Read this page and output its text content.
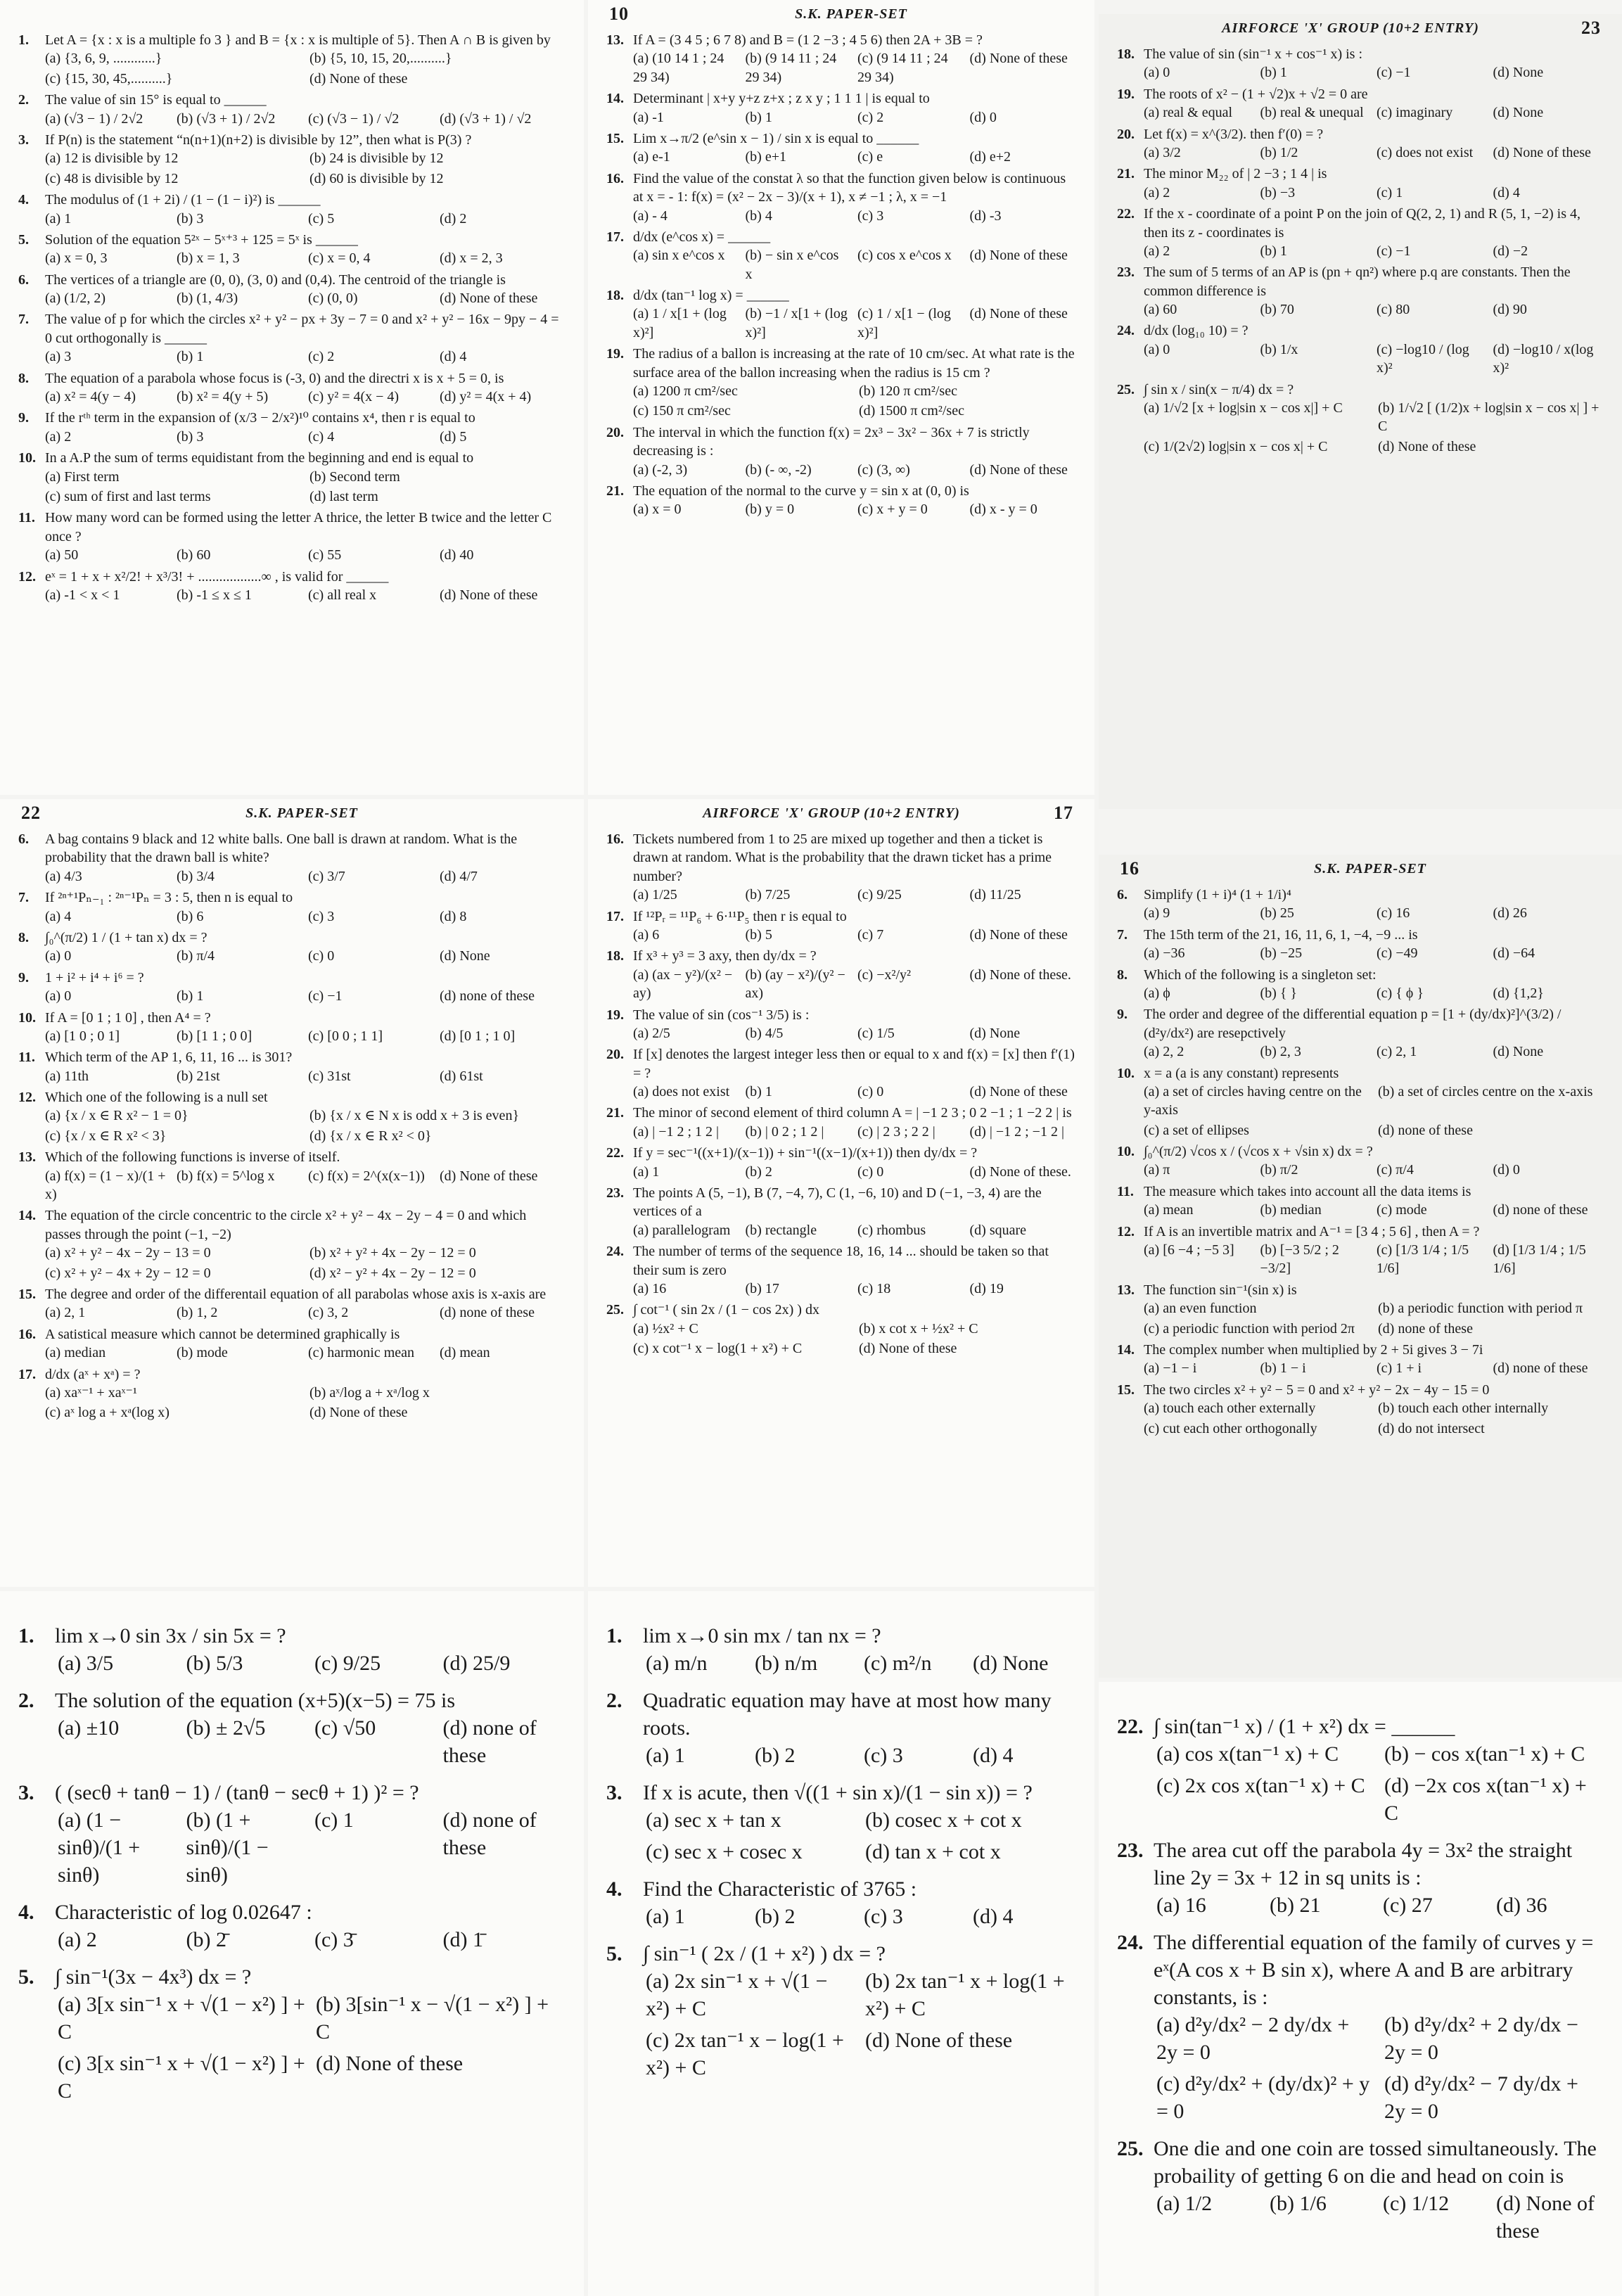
1.	Let A = {x : x is a multiple fo 3 } and B = {x : x is multiple of 5}. Then A ∩ B is given by
(a) {3, 6, 9, ............}	(b) {5, 10, 15, 20,..........}
(c) {15, 30, 45,..........}	(d) None of these
2.	The value of sin 15° is equal to ______
(a) (√3 − 1) / 2√2	(b) (√3 + 1) / 2√2	(c) (√3 − 1) / √2	(d) (√3 + 1) / √2
3.	If P(n) is the statement “n(n+1)(n+2) is divisible by 12”, then what is P(3) ?
(a) 12 is divisible by 12	(b) 24 is divisible by 12
(c) 48 is divisible by 12	(d) 60 is divisible by 12
4.	The modulus of (1 + 2i) / (1 − (1 − i)²) is ______
(a) 1	(b) 3	(c) 5	(d) 2
5.	Solution of the equation 5²ˣ − 5ˣ⁺³ + 125 = 5ˣ is ______
(a) x = 0, 3	(b) x = 1, 3	(c) x = 0, 4	(d) x = 2, 3
6.	The vertices of a triangle are (0, 0), (3, 0) and (0,4). The centroid of the triangle is
(a) (1/2, 2)	(b) (1, 4/3)	(c) (0, 0)	(d) None of these
7.	The value of p for which the circles x² + y² − px + 3y − 7 = 0 and x² + y² − 16x − 9py − 4 = 0 cut orthogonally is ______
(a) 3	(b) 1	(c) 2	(d) 4
8.	The equation of a parabola whose focus is (-3, 0) and the directri x is x + 5 = 0, is
(a) x² = 4(y − 4)	(b) x² = 4(y + 5)	(c) y² = 4(x − 4)	(d) y² = 4(x + 4)
9.	If the rᵗʰ term in the expansion of (x/3 − 2/x²)¹⁰ contains x⁴, then r is equal to
(a) 2	(b) 3	(c) 4	(d) 5
10. In a A.P the sum of terms equidistant from the beginning and end is equal to
(a) First term	(b) Second term
(c) sum of first and last terms	(d) last term
11. How many word can be formed using the letter A thrice, the letter B twice and the letter C once ?
(a) 50	(b) 60	(c) 55	(d) 40
12. eˣ = 1 + x + x²/2! + x³/3! + ..................∞ , is valid for ______
(a) -1 < x < 1	(b) -1 ≤ x ≤ 1	(c) all real x	(d) None of these
10	S.K. PAPER-SET
13. If A = (3 4 5 ; 6 7 8) and B = (1 2 −3 ; 4 5 6) then 2A + 3B = ?
(a) (10 14 1 ; 24 29 34)
(b) (9 14 11 ; 24 29 34)
(c) (9 14 11 ; 24 29 34)
(d) None of these
14. Determinant | x+y y+z z+x ; z x y ; 1 1 1 | is equal to
(a) -1	(b) 1	(c) 2	(d) 0
15. Lim x→π/2 (e^sin x − 1) / sin x is equal to ______
(a) e-1	(b) e+1	(c) e	(d) e+2
16. Find the value of the constat λ so that the function given below is continuous at x = - 1: f(x) = (x² − 2x − 3)/(x + 1), x ≠ −1 ; λ, x = −1
(a) - 4	(b) 4	(c) 3	(d) -3
17. d/dx (e^cos x) = ______
(a) sin x e^cos x	(b) − sin x e^cos x
(c) cos x e^cos x	(d) None of these
18. d/dx (tan⁻¹ log x) = ______
(a) 1 / x[1 + (log x)²]
(b) −1 / x[1 + (log x)²]
(c) 1 / x[1 − (log x)²]
(d) None of these
19. The radius of a ballon is increasing at the rate of 10 cm/sec. At what rate is the surface area of the ballon increasing when the radius is 15 cm ?
(a) 1200 π cm²/sec	(b) 120 π cm²/sec
(c) 150 π cm²/sec	(d) 1500 π cm²/sec
20. The interval in which the function f(x) = 2x³ − 3x² − 36x + 7 is strictly decreasing is :
(a) (-2, 3)	(b) (- ∞, -2)	(c) (3, ∞)	(d) None of these
21. The equation of the normal to the curve y = sin x at (0, 0) is
(a) x = 0	(b) y = 0	(c) x + y = 0	(d) x - y = 0
AIRFORCE 'X' GROUP (10+2 ENTRY)	23
18. The value of sin (sin⁻¹ x + cos⁻¹ x) is :
(a) 0	(b) 1	(c) −1	(d) None
19. The roots of x² − (1 + √2)x + √2 = 0 are
(a) real & equal	(b) real & unequal (c) imaginary	(d) None
20. Let f(x) = x^(3/2). then f′(0) = ?
(a) 3/2	(b) 1/2	(c) does not exist	(d) None of these
21. The minor M₂₂ of | 2 −3 ; 1 4 | is
(a) 2	(b) −3	(c) 1	(d) 4
22. If the x - coordinate of a point P on the join of Q(2, 2, 1) and R (5, 1, −2) is 4, then its z - coordinates is
(a) 2	(b) 1	(c) −1	(d) −2
23. The sum of 5 terms of an AP is (pn + qn²) where p.q are constants. Then the common difference is
(a) 60	(b) 70	(c) 80	(d) 90
24. d/dx (log₁₀ 10) = ?
(a) 0	(b) 1/x	(c) −log10 / (log x)²
(d) −log10 / x(log x)²
25. ∫ sin x / sin(x − π/4) dx = ?
(a) 1/√2 [x + log|sin x − cos x|] + C	(b) 1/√2 [ (1/2)x + log|sin x − cos x| ] + C
(c) 1/(2√2) log|sin x − cos x| + C	(d) None of these
22	S.K. PAPER-SET
6.	A bag contains 9 black and 12 white balls. One ball is drawn at random. What is the probability that the drawn ball is white?
(a) 4/3	(b) 3/4	(c) 3/7	(d) 4/7
7.	If ²ⁿ⁺¹Pₙ₋₁ : ²ⁿ⁻¹Pₙ = 3 : 5, then n is equal to
(a) 4	(b) 6	(c) 3	(d) 8
8.	∫₀^(π/2) 1 / (1 + tan x) dx = ?
(a) 0	(b) π/4	(c) 0	(d) None
9.	1 + i² + i⁴ + i⁶ = ?
(a) 0	(b) 1	(c) −1	(d) none of these
10. If A = [0 1 ; 1 0] , then A⁴ = ?
(a) [1 0 ; 0 1]	(b) [1 1 ; 0 0]	(c) [0 0 ; 1 1]	(d) [0 1 ; 1 0]
11. Which term of the AP 1, 6, 11, 16 ... is 301?
(a) 11th	(b) 21st	(c) 31st	(d) 61st
12. Which one of the following is a null set
(a) {x / x ∈ R x² − 1 = 0}	(b) {x / x ∈ N x is odd x + 3 is even}
(c) {x / x ∈ R x² < 3}	(d) {x / x ∈ R x² < 0}
13. Which of the following functions is inverse of itself.
(a) f(x) = (1 − x)/(1 + x)
(b) f(x) = 5^log x	(c) f(x) = 2^(x(x−1))	(d) None of these
14. The equation of the circle concentric to the circle x² + y² − 4x − 2y − 4 = 0 and which passes through the point (−1, −2)
(a) x² + y² − 4x − 2y − 13 = 0	(b) x² + y² + 4x − 2y − 12 = 0
(c) x² + y² − 4x + 2y − 12 = 0	(d) x² − y² + 4x − 2y − 12 = 0
15. The degree and order of the differentail equation of all parabolas whose axis is x-axis are
(a) 2, 1	(b) 1, 2	(c) 3, 2	(d) none of these
16. A satistical measure which cannot be determined graphically is
(a) median	(b) mode	(c) harmonic mean	(d) mean
17. d/dx (aˣ + xᵃ) = ?
(a) xaˣ⁻¹ + xaˣ⁻¹	(b) aˣ/log a + xᵃ/log x
(c) aˣ log a + xᵃ(log x)	(d) None of these
AIRFORCE 'X' GROUP (10+2 ENTRY)	17
16. Tickets numbered from 1 to 25 are mixed up together and then a ticket is drawn at random. What is the probability that the drawn ticket has a prime number?
(a) 1/25	(b) 7/25	(c) 9/25	(d) 11/25
17. If ¹²Pᵣ = ¹¹P₆ + 6·¹¹P₅ then r is equal to
(a) 6	(b) 5	(c) 7	(d) None of these
18. If x³ + y³ = 3 axy, then dy/dx = ?
(a) (ax − y²)/(x² − ay)
(b) (ay − x²)/(y² − ax)
(c) −x²/y²	(d) None of these.
19. The value of sin (cos⁻¹ 3/5) is :
(a) 2/5	(b) 4/5	(c) 1/5	(d) None
20. If [x] denotes the largest integer less then or equal to x and f(x) = [x] then f′(1) = ?
(a) does not exist	(b) 1	(c) 0	(d) None of these
21. The minor of second element of third column A = | −1 2 3 ; 0 2 −1 ; 1 −2 2 | is
(a) | −1 2 ; 1 2 |	(b) | 0 2 ; 1 2 |	(c) | 2 3 ; 2 2 |	(d) | −1 2 ; −1 2 |
22. If y = sec⁻¹((x+1)/(x−1)) + sin⁻¹((x−1)/(x+1)) then dy/dx = ?
(a) 1	(b) 2	(c) 0	(d) None of these.
23. The points A (5, −1), B (7, −4, 7), C (1, −6, 10) and D (−1, −3, 4) are the vertices of a
(a) parallelogram	(b) rectangle	(c) rhombus	(d) square
24. The number of terms of the sequence 18, 16, 14 ... should be taken so that their sum is zero
(a) 16	(b) 17	(c) 18	(d) 19
25. ∫ cot⁻¹ ( sin 2x / (1 − cos 2x) ) dx
(a) ½x² + C	(b) x cot x + ½x² + C
(c) x cot⁻¹ x − log(1 + x²) + C	(d) None of these
16	S.K. PAPER-SET
6.	Simplify (1 + i)⁴ (1 + 1/i)⁴
(a) 9	(b) 25	(c) 16	(d) 26
7.	The 15th term of the 21, 16, 11, 6, 1, −4, −9 ... is
(a) −36	(b) −25	(c) −49	(d) −64
8.	Which of the following is a singleton set:
(a) ϕ	(b) { }	(c) { ϕ }	(d) {1,2}
9.	The order and degree of the differential equation p = [1 + (dy/dx)²]^(3/2) / (d²y/dx²) are resepctively
(a) 2, 2	(b) 2, 3	(c) 2, 1	(d) None
10. x = a (a is any constant) represents
(a) a set of circles having centre on the y-axis
(b) a set of circles centre on the x-axis
(c) a set of ellipses	(d) none of these
10. ∫₀^(π/2) √cos x / (√cos x + √sin x) dx = ?
(a) π	(b) π/2	(c) π/4	(d) 0
11. The measure which takes into account all the data items is
(a) mean	(b) median	(c) mode	(d) none of these
12. If A is an invertible matrix and A⁻¹ = [3 4 ; 5 6] , then A = ?
(a) [6 −4 ; −5 3]	(b) [−3 5/2 ; 2 −3/2]
(c) [1/3 1/4 ; 1/5 1/6]
(d) [1/3 1/4 ; 1/5 1/6]
13. The function sin⁻¹(sin x) is
(a) an even function	(b) a periodic function with period π
(c) a periodic function with period 2π	(d) none of these
14. The complex number when multiplied by 2 + 5i gives 3 − 7i
(a) −1 − i	(b) 1 − i	(c) 1 + i	(d) none of these
15. The two circles x² + y² − 5 = 0 and x² + y² − 2x − 4y − 15 = 0
(a) touch each other externally	(b) touch each other internally
(c) cut each other orthogonally	(d) do not intersect
1. lim x→0 sin 3x / sin 5x = ?
(a) 3/5	(b) 5/3	(c) 9/25	(d) 25/9
2. The solution of the equation (x+5)(x−5) = 75 is
(a) ±10	(b) ± 2√5	(c) √50	(d) none of these
3. ( (secθ + tanθ − 1) / (tanθ − secθ + 1) )² = ?
(a) (1 − sinθ)/(1 + sinθ)
(b) (1 + sinθ)/(1 − sinθ)
(c) 1	(d) none of these
4. Characteristic of log 0.02647 :
(a) 2	(b) 2̄	(c) 3̄	(d) 1̄
5. ∫ sin⁻¹(3x − 4x³) dx = ?
(a) 3[x sin⁻¹ x + √(1 − x²) ] + C
(b) 3[sin⁻¹ x − √(1 − x²) ] + C
(c) 3[x sin⁻¹ x + √(1 − x²) ] + C
(d) None of these
1. lim x→0 sin mx / tan nx = ?
(a) m/n	(b) n/m	(c) m²/n	(d) None
2. Quadratic equation may have at most how many roots.
(a) 1	(b) 2	(c) 3	(d) 4
3. If x is acute, then √((1 + sin x)/(1 − sin x)) = ?
(a) sec x + tan x	(b) cosec x + cot x
(c) sec x + cosec x	(d) tan x + cot x
4. Find the Characteristic of 3765 :
(a) 1	(b) 2	(c) 3	(d) 4
5. ∫ sin⁻¹ ( 2x / (1 + x²) ) dx = ?
(a) 2x sin⁻¹ x + √(1 − x²) + C
(b) 2x tan⁻¹ x + log(1 + x²) + C
(c) 2x tan⁻¹ x − log(1 + x²) + C
(d) None of these
22. ∫ sin(tan⁻¹ x) / (1 + x²) dx = ______
(a) cos x(tan⁻¹ x) + C	(b) − cos x(tan⁻¹ x) + C
(c) 2x cos x(tan⁻¹ x) + C (d) −2x cos x(tan⁻¹ x) + C
23. The area cut off the parabola 4y = 3x² the straight line 2y = 3x + 12 in sq units is :
(a) 16	(b) 21	(c) 27	(d) 36
24. The differential equation of the family of curves y = eˣ(A cos x + B sin x), where A and B are arbitrary constants, is :
(a) d²y/dx² − 2 dy/dx + 2y = 0
(b) d²y/dx² + 2 dy/dx − 2y = 0
(c) d²y/dx² + (dy/dx)² + y = 0
(d) d²y/dx² − 7 dy/dx + 2y = 0
25. One die and one coin are tossed simultaneously. The probaility of getting 6 on die and head on coin is
(a) 1/2	(b) 1/6	(c) 1/12	(d) None of these
